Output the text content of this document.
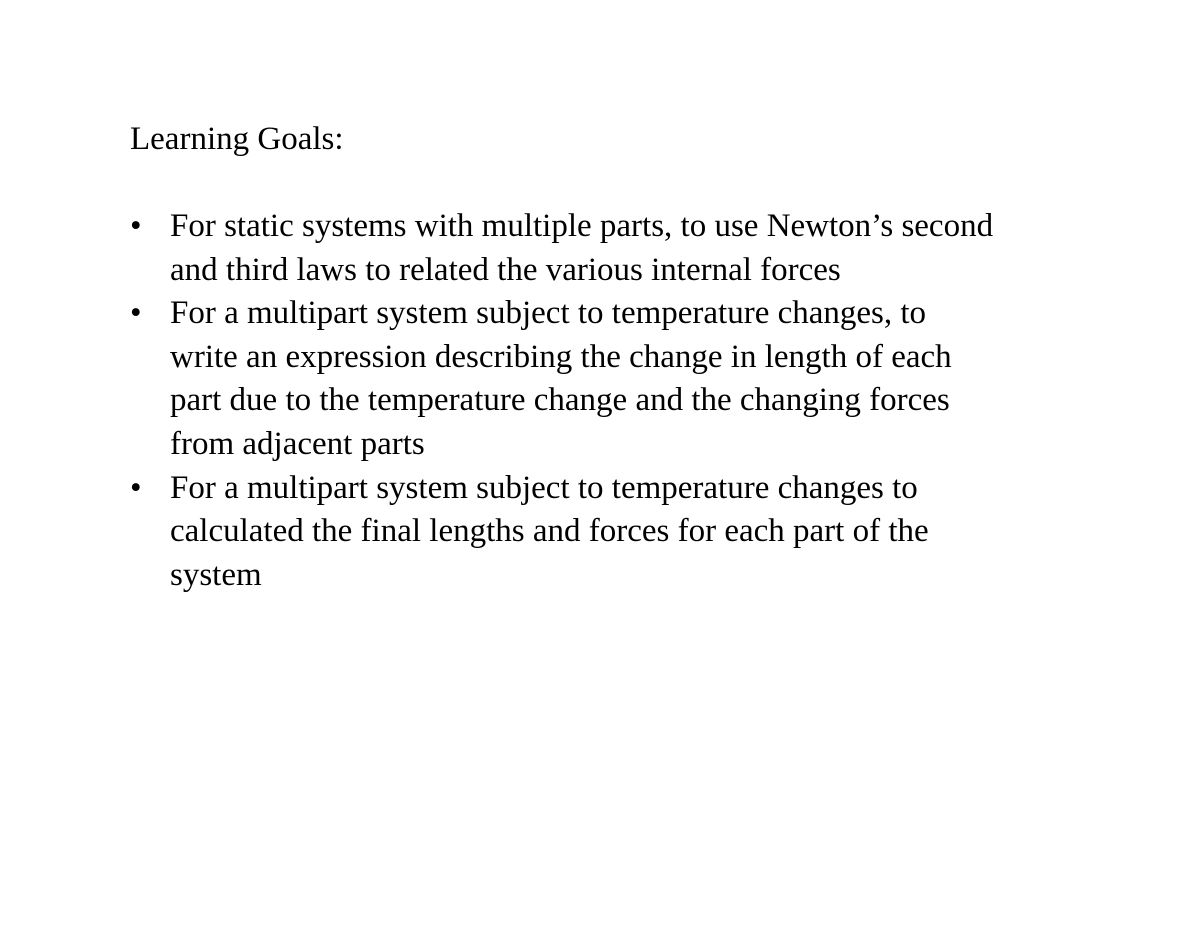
Learning Goals:
• For static systems with multiple parts, to use Newton’s second
and third laws to related the various internal forces
• For a multipart system subject to temperature changes, to
write an expression describing the change in length of each
part due to the temperature change and the changing forces
from adjacent parts
• For a multipart system subject to temperature changes to
calculated the final lengths and forces for each part of the
system
